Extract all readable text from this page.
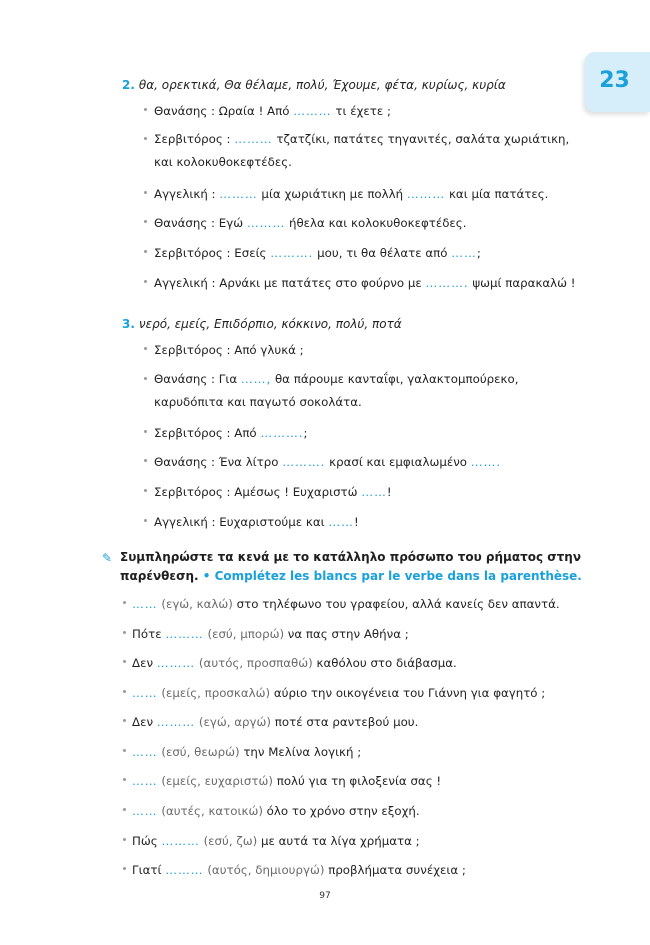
23
2. θα, ορεκτικά, Θα θέλαμε, πολύ, Έχουμε, φέτα, κυρίως, κυρία
Θανάσης : Ωραία ! Από ……… τι έχετε ;
Σερβιτόρος : ……… τζατζίκι, πατάτες τηγανιτές, σαλάτα χωριάτικη, και κολοκυθοκεφτέδες.
Αγγελική : ……… μία χωριάτικη με πολλή ……… και μία πατάτες.
Θανάσης : Εγώ ……… ήθελα και κολοκυθοκεφτέδες.
Σερβιτόρος : Εσείς ………. μου, τι θα θέλατε από ……;
Αγγελική : Αρνάκι με πατάτες στο φούρνο με ………. ψωμί παρακαλώ !
3. νερό, εμείς, Επιδόρπιο, κόκκινο, πολύ, ποτά
Σερβιτόρος : Από γλυκά ;
Θανάσης : Για ……, θα πάρουμε κανταΐφι, γαλακτομπούρεκο, καρυδόπιτα και παγωτό σοκολάτα.
Σερβιτόρος : Από ……….;
Θανάσης : Ένα λίτρο ………. κρασί και εμφιαλωμένο …….
Σερβιτόρος : Αμέσως ! Ευχαριστώ ……!
Αγγελική : Ευχαριστούμε και ……!
✎ Συμπληρώστε τα κενά με το κατάλληλο πρόσωπο του ρήματος στην παρένθεση. • Complétez les blancs par le verbe dans la parenthèse.
…… (εγώ, καλώ) στο τηλέφωνο του γραφείου, αλλά κανείς δεν απαντά.
Πότε ……… (εσύ, μπορώ) να πας στην Αθήνα ;
Δεν ……… (αυτός, προσπαθώ) καθόλου στο διάβασμα.
…… (εμείς, προσκαλώ) αύριο την οικογένεια του Γιάννη για φαγητό ;
Δεν ……… (εγώ, αργώ) ποτέ στα ραντεβού μου.
…… (εσύ, θεωρώ) την Μελίνα λογική ;
…… (εμείς, ευχαριστώ) πολύ για τη φιλοξενία σας !
…… (αυτές, κατοικώ) όλο το χρόνο στην εξοχή.
Πώς ……… (εσύ, ζω) με αυτά τα λίγα χρήματα ;
Γιατί ……… (αυτός, δημιουργώ) προβλήματα συνέχεια ;
97
